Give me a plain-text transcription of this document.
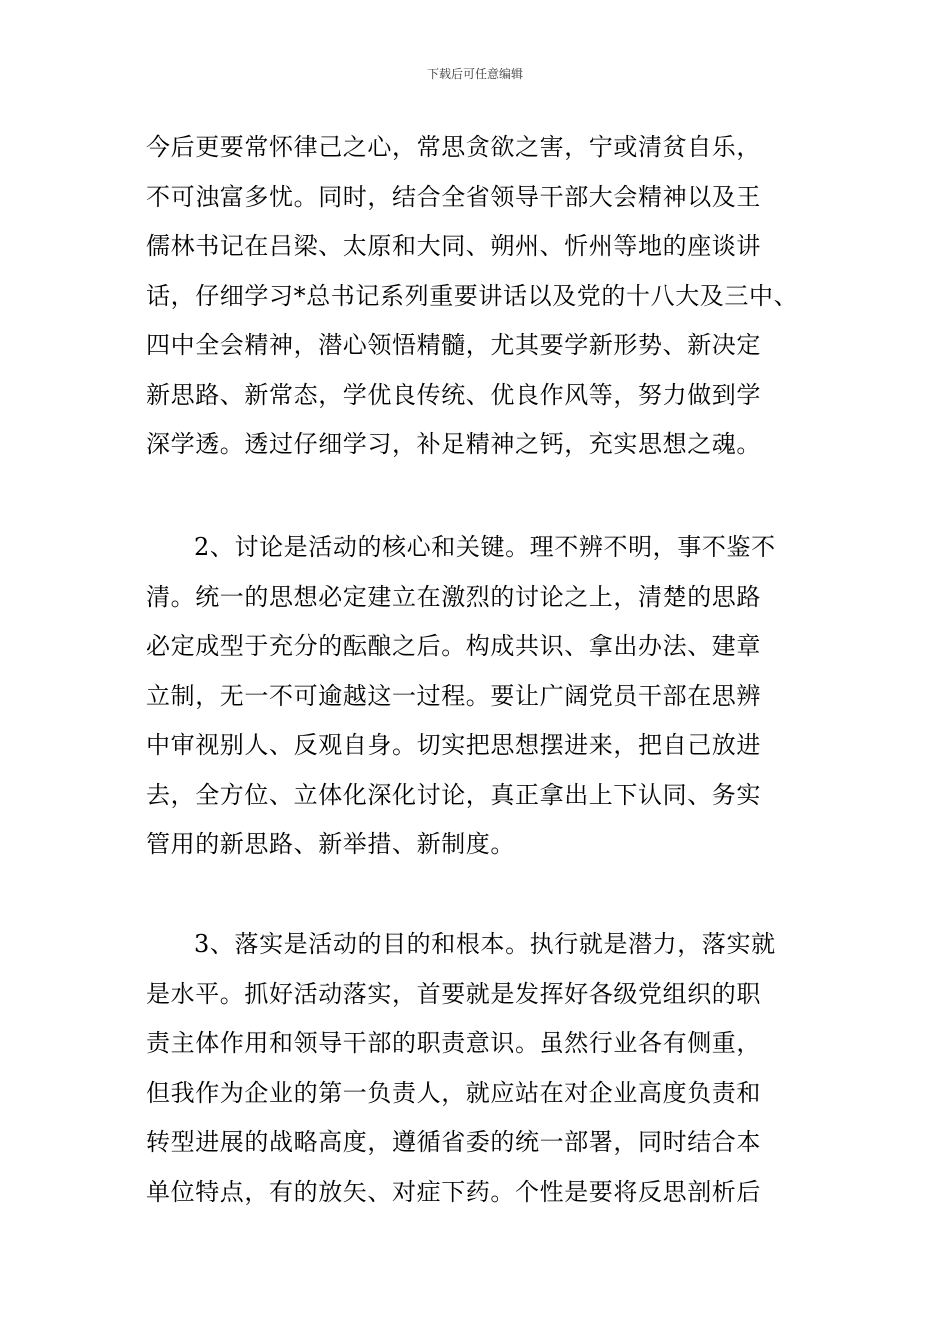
下载后可任意编辑
今后更要常怀律己之心，常思贪欲之害，宁或清贫自乐，
不可浊富多忧。同时，结合全省领导干部大会精神以及王
儒林书记在吕梁、太原和大同、朔州、忻州等地的座谈讲
话，仔细学习*总书记系列重要讲话以及党的十八大及三中、
四中全会精神，潜心领悟精髓，尤其要学新形势、新决定
新思路、新常态，学优良传统、优良作风等，努力做到学
深学透。透过仔细学习，补足精神之钙，充实思想之魂。
2、讨论是活动的核心和关键。理不辨不明，事不鉴不
清。统一的思想必定建立在激烈的讨论之上，清楚的思路
必定成型于充分的酝酿之后。构成共识、拿出办法、建章
立制，无一不可逾越这一过程。要让广阔党员干部在思辨
中审视别人、反观自身。切实把思想摆进来，把自己放进
去，全方位、立体化深化讨论，真正拿出上下认同、务实
管用的新思路、新举措、新制度。
3、落实是活动的目的和根本。执行就是潜力，落实就
是水平。抓好活动落实，首要就是发挥好各级党组织的职
责主体作用和领导干部的职责意识。虽然行业各有侧重，
但我作为企业的第一负责人，就应站在对企业高度负责和
转型进展的战略高度，遵循省委的统一部署，同时结合本
单位特点，有的放矢、对症下药。个性是要将反思剖析后
